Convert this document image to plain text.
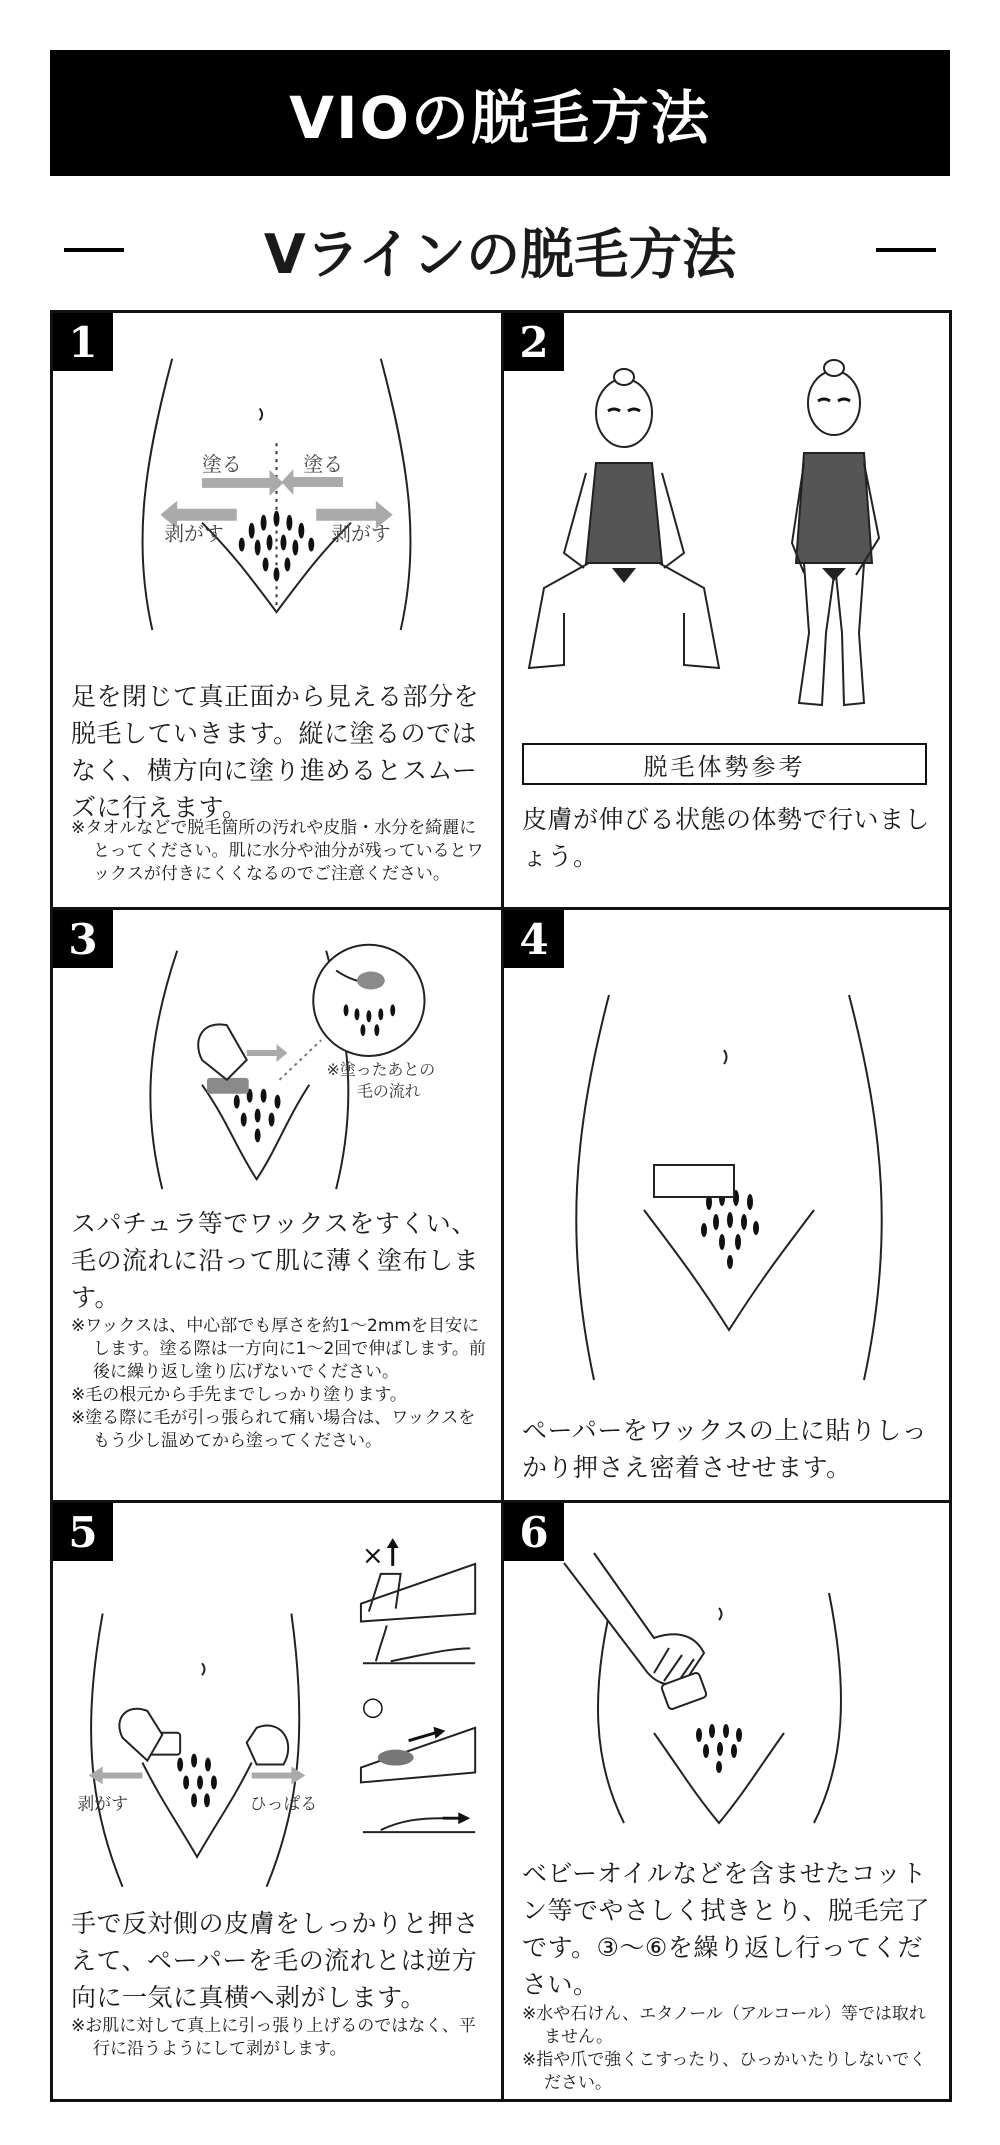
VIOの脱毛方法
Vラインの脱毛方法
塗る	塗る
剥がす	剥がす
1
足を閉じて真正面から見える部分を脱毛していきます。縦に塗るのではなく、横方向に塗り進めるとスムーズに行えます。
※タオルなどで脱毛箇所の汚れや皮脂・水分を綺麗にとってください。肌に水分や油分が残っているとワックスが付きにくくなるのでご注意ください。
2
脱毛体勢参考
皮膚が伸びる状態の体勢で行いましょう。
※塗ったあとの
毛の流れ
3
スパチュラ等でワックスをすくい、毛の流れに沿って肌に薄く塗布します。
※ワックスは、中心部でも厚さを約1～2mmを目安にします。塗る際は一方向に1～2回で伸ばします。前後に繰り返し塗り広げないでください。
※毛の根元から手先までしっかり塗ります。
※塗る際に毛が引っ張られて痛い場合は、ワックスをもう少し温めてから塗ってください。
4
ペーパーをワックスの上に貼りしっかり押さえ密着させせます。
剥がす	ひっぱる
×
○
5
手で反対側の皮膚をしっかりと押さえて、ペーパーを毛の流れとは逆方向に一気に真横へ剥がします。
※お肌に対して真上に引っ張り上げるのではなく、平行に沿うようにして剥がします。
6
ベビーオイルなどを含ませたコットン等でやさしく拭きとり、脱毛完了です。③～⑥を繰り返し行ってください。
※水や石けん、エタノール（アルコール）等では取れません。
※指や爪で強くこすったり、ひっかいたりしないでください。
